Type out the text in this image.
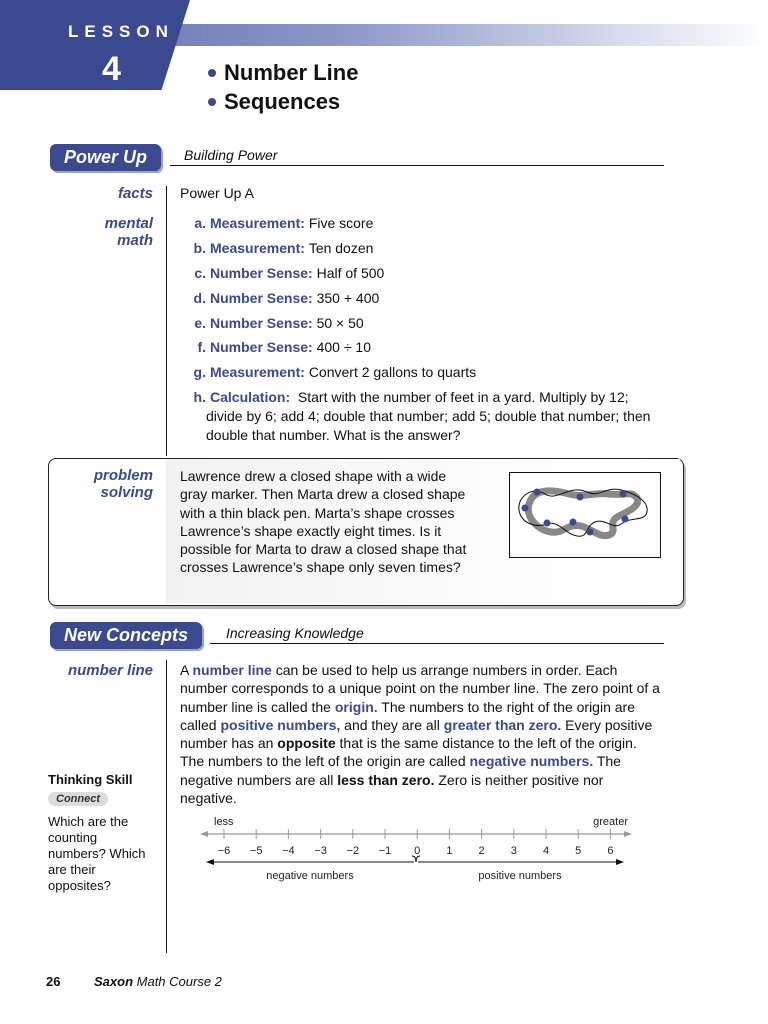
LESSON
4	Number Line
Sequences
Power Up	Building Power
facts Power Up A
mental
math
a. Measurement: Five score
b. Measurement: Ten dozen
c. Number Sense: Half of 500
d. Number Sense: 350 + 400
e. Number Sense: 50 × 50
f. Number Sense: 400 ÷ 10
g. Measurement: Convert 2 gallons to quarts
h. Calculation: Start with the number of feet in a yard. Multiply by 12; divide by 6; add 4; double that number; add 5; double that number; then double that number. What is the answer?
problem
solving
Lawrence drew a closed shape with a wide gray marker. Then Marta drew a closed shape with a thin black pen. Marta’s shape crosses Lawrence’s shape exactly eight times. Is it possible for Marta to draw a closed shape that crosses Lawrence’s shape only seven times?
New Concepts	Increasing Knowledge
number line A number line can be used to help us arrange numbers in order. Each number corresponds to a unique point on the number line. The zero point of a number line is called the origin. The numbers to the right of the origin are called positive numbers, and they are all greater than zero. Every positive number has an opposite that is the same distance to the left of the origin. The numbers to the left of the origin are called negative numbers. The negative numbers are all less than zero. Zero is neither positive nor negative.
Thinking Skill
Connect
Which are the counting numbers? Which are their opposites?
less	greater
−6 −5 −4 −3 −2 −1 0 1 2 3 4 5 6
negative numbers	positive numbers
26	Saxon Math Course 2
